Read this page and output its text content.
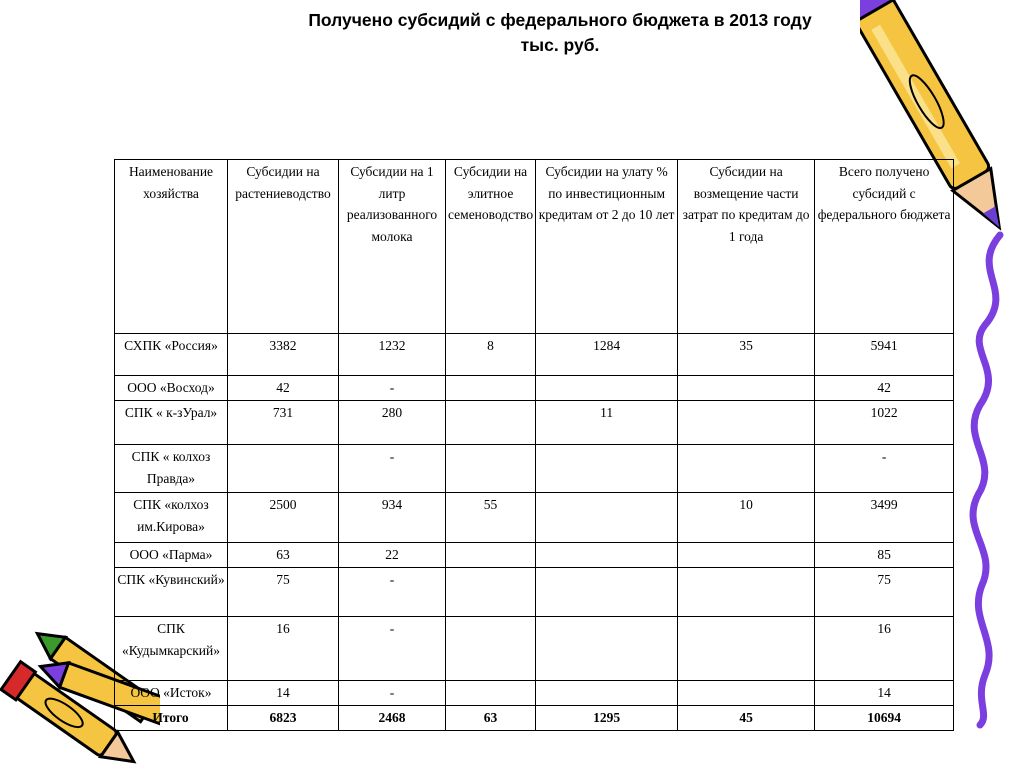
Получено субсидий с федерального бюджета в 2013 году
тыс. руб.
Наименование хозяйства	Субсидии на растениеводство	Субсидии на 1 литр реализованного молока	Субсидии на элитное семеноводство	Субсидии на улату % по инвестиционным кредитам от 2 до 10 лет	Субсидии на возмещение части затрат по кредитам до 1 года	Всего получено субсидий с федерального бюджета
СХПК «Россия»	3382	1232	8	1284	35	5941
ООО «Восход»	42	-				42
СПК « к-зУрал»	731	280		11		1022
СПК « колхоз Правда»		-				-
СПК «колхоз им.Кирова»	2500	934	55		10	3499
ООО «Парма»	63	22				85
СПК «Кувинский»	75	-				75
СПК «Кудымкарский»	16	-				16
ООО «Исток»	14	-				14
Итого	6823	2468	63	1295	45	10694
